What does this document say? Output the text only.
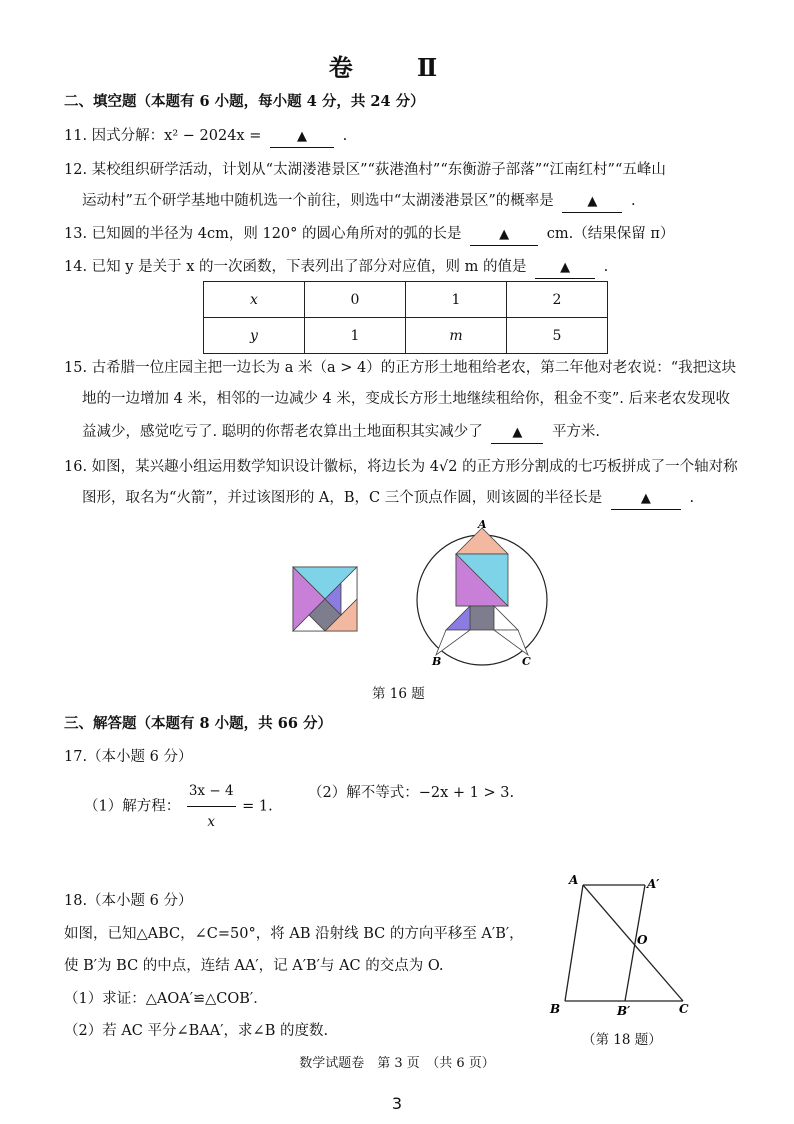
卷 Ⅱ
二、填空题（本题有 6 小题，每小题 4 分，共 24 分）
11. 因式分解：x² − 2024x =	▲ .
12. 某校组织研学活动，计划从“太湖溇港景区”“荻港渔村”“东衡游子部落”“江南红村”“五峰山
运动村”五个研学基地中随机选一个前往，则选中“太湖溇港景区”的概率是	▲ .
13. 已知圆的半径为 4cm，则 120° 的圆心角所对的弧的长是	▲	cm.（结果保留 π）
14. 已知 y 是关于 x 的一次函数，下表列出了部分对应值，则 m 的值是	▲ .
x	0	1	2
y	1	m	5
15. 古希腊一位庄园主把一边长为 a 米（a > 4）的正方形土地租给老农，第二年他对老农说：“我把这块
地的一边增加 4 米，相邻的一边减少 4 米，变成长方形土地继续租给你，租金不变”. 后来老农发现收
益减少，感觉吃亏了. 聪明的你帮老农算出土地面积其实减少了 ▲ 平方米.
16. 如图，某兴趣小组运用数学知识设计徽标，将边长为 4√2 的正方形分割成的七巧板拼成了一个轴对称
图形，取名为“火箭”，并过该图形的 A，B，C 三个顶点作圆，则该圆的半径长是	▲	.
A
B	C
第 16 题
三、解答题（本题有 8 小题，共 66 分）
17.（本小题 6 分）
（1）解方程： $\frac{3x - 4}{x} = 1$.
（2）解不等式：−2x + 1 > 3.
18.（本小题 6 分）
如图，已知△ABC，∠C=50°，将 AB 沿射线 BC 的方向平移至 A′B′，
使 B′为 BC 的中点，连结 AA′，记 A′B′与 AC 的交点为 O.
（1）求证：△AOA′≌△COB′．
（2）若 AC 平分∠BAA′，求∠B 的度数.
A	A′
O
B	B′	C
（第 18 题）
数学试题卷　第 3 页　（共 6 页）
3
